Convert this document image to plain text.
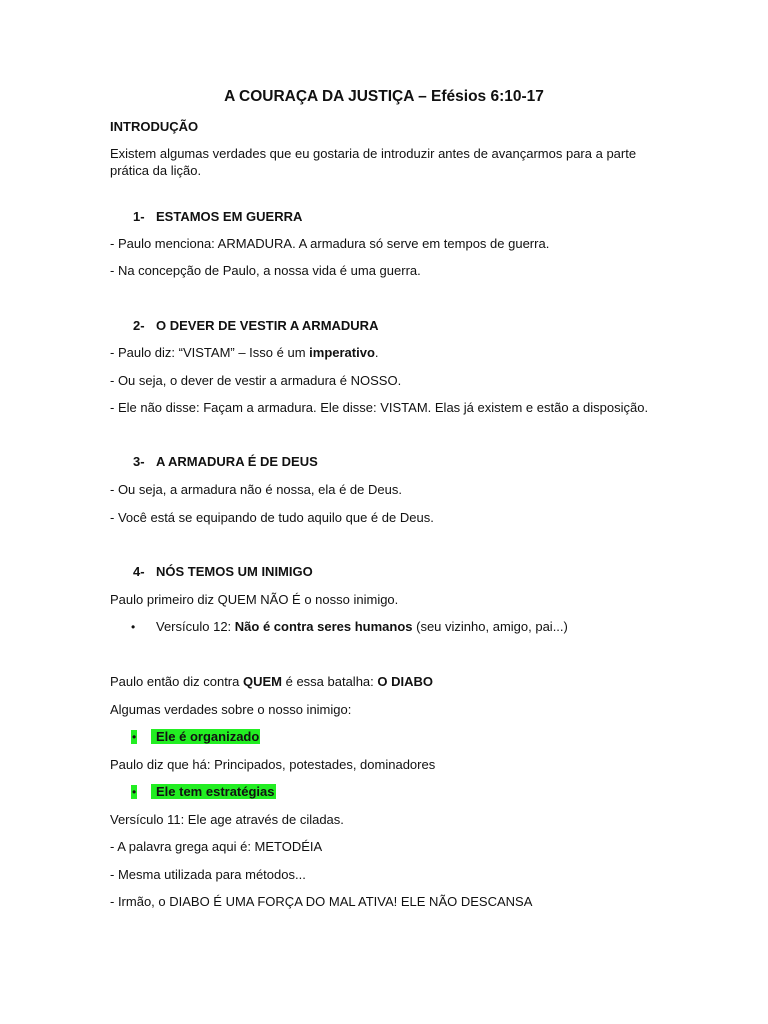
A COURAÇA DA JUSTIÇA – Efésios 6:10-17
INTRODUÇÃO
Existem algumas verdades que eu gostaria de introduzir antes de avançarmos para a parte
prática da lição.
1- ESTAMOS EM GUERRA
- Paulo menciona: ARMADURA. A armadura só serve em tempos de guerra.
- Na concepção de Paulo, a nossa vida é uma guerra.
2- O DEVER DE VESTIR A ARMADURA
- Paulo diz: “VISTAM” – Isso é um imperativo.
- Ou seja, o dever de vestir a armadura é NOSSO.
- Ele não disse: Façam a armadura. Ele disse: VISTAM. Elas já existem e estão a disposição.
3- A ARMADURA É DE DEUS
- Ou seja, a armadura não é nossa, ela é de Deus.
- Você está se equipando de tudo aquilo que é de Deus.
4- NÓS TEMOS UM INIMIGO
Paulo primeiro diz QUEM NÃO É o nosso inimigo.
• Versículo 12: Não é contra seres humanos (seu vizinho, amigo, pai...)
Paulo então diz contra QUEM é essa batalha: O DIABO
Algumas verdades sobre o nosso inimigo:
•	Ele é organizado
Paulo diz que há: Principados, potestades, dominadores
•	Ele tem estratégias
Versículo 11: Ele age através de ciladas.
- A palavra grega aqui é: METODÉIA
- Mesma utilizada para métodos...
- Irmão, o DIABO É UMA FORÇA DO MAL ATIVA! ELE NÃO DESCANSA
